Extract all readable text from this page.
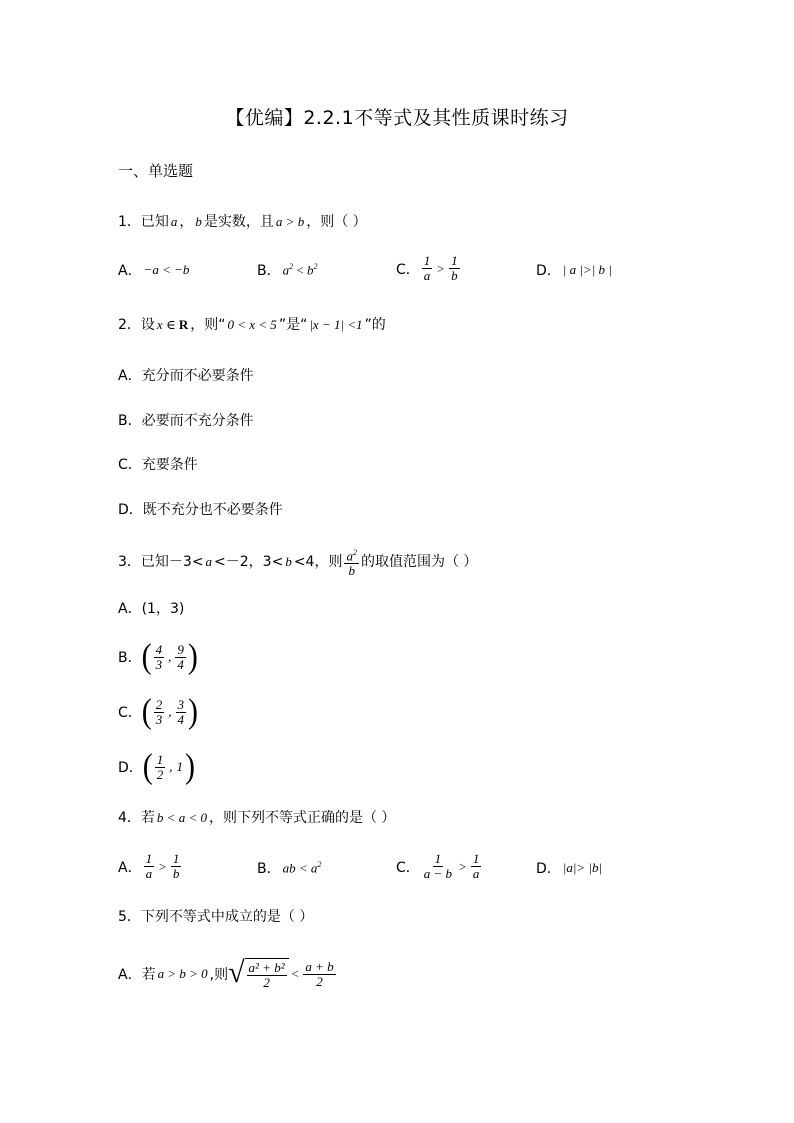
【优编】2.2.1不等式及其性质课时练习
一、单选题
1．已知 a ， b 是实数，且 a > b ，则（ ）
A． −a < −b	B． $a^2 < b^2$	C． $\frac{1}{a} > \frac{1}{b}$	D． | a |>| b |
2．设 x ∈ R ，则“ 0 < x < 5 ”是“ |x − 1| <1 ”的
A．充分而不必要条件
B．必要而不充分条件
C．充要条件
D．既不充分也不必要条件
3．已知－3< a <－2，3< b <4，则 $\frac{a^2}{b}$ 的取值范围为（ ）
A．(1，3)
B． ( $\frac{4}{3}$ , $\frac{9}{4}$ )
C． ( $\frac{2}{3}$ , $\frac{3}{4}$ )
D． ( $\frac{1}{2}$ , 1 )
4．若 b < a < 0 ，则下列不等式正确的是（ ）
A． $\frac{1}{a} > \frac{1}{b}$	B． ab < $a^2$	C． $\frac{1}{a - b} > \frac{1}{a}$	D． |a|> |b|
5．下列不等式中成立的是（ ）
A．若 a > b > 0 ,则 √ $\frac{\text{a² + b²}}{2} < \frac{a + b}{2}$
